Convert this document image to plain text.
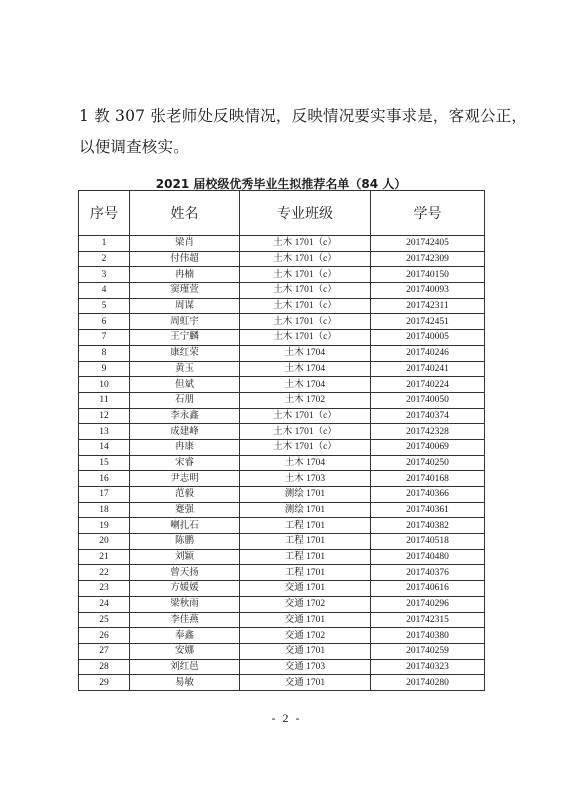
1 教 307 张老师处反映情况，反映情况要实事求是，客观公正，
以便调查核实。
2021 届校级优秀毕业生拟推荐名单（84 人）
序号	姓名	专业班级	学号
1	梁肖	土木 1701（c）	201742405
2	付伟超	土木 1701（c）	201742309
3	冉楠	土木 1701（c）	201740150
4	窦瑾萱	土木 1701（c）	201740093
5	周谋	土木 1701（c）	201742311
6	周虹宇	土木 1701（c）	201742451
7	王宁麟	土木 1701（c）	201740005
8	康红荣	土木 1704	201740246
9	黄玉	土木 1704	201740241
10	但斌	土木 1704	201740224
11	石朋	土木 1702	201740050
12	李永鑫	土木 1701（c）	201740374
13	成建峰	土木 1701（c）	201742328
14	冉康	土木 1701（c）	201740069
15	宋睿	土木 1704	201740250
16	尹志明	土木 1703	201740168
17	范毅	测绘 1701	201740366
18	蹇强	测绘 1701	201740361
19	喇扎石	工程 1701	201740382
20	陈鹏	工程 1701	201740518
21	刘颖	工程 1701	201740480
22	曾天扬	工程 1701	201740376
23	方媛媛	交通 1701	201740616
24	梁秋雨	交通 1702	201740296
25	李佳燕	交通 1701	201742315
26	奉鑫	交通 1702	201740380
27	安娜	交通 1701	201740259
28	刘红邑	交通 1703	201740323
29	易敏	交通 1701	201740280
- 2 -
